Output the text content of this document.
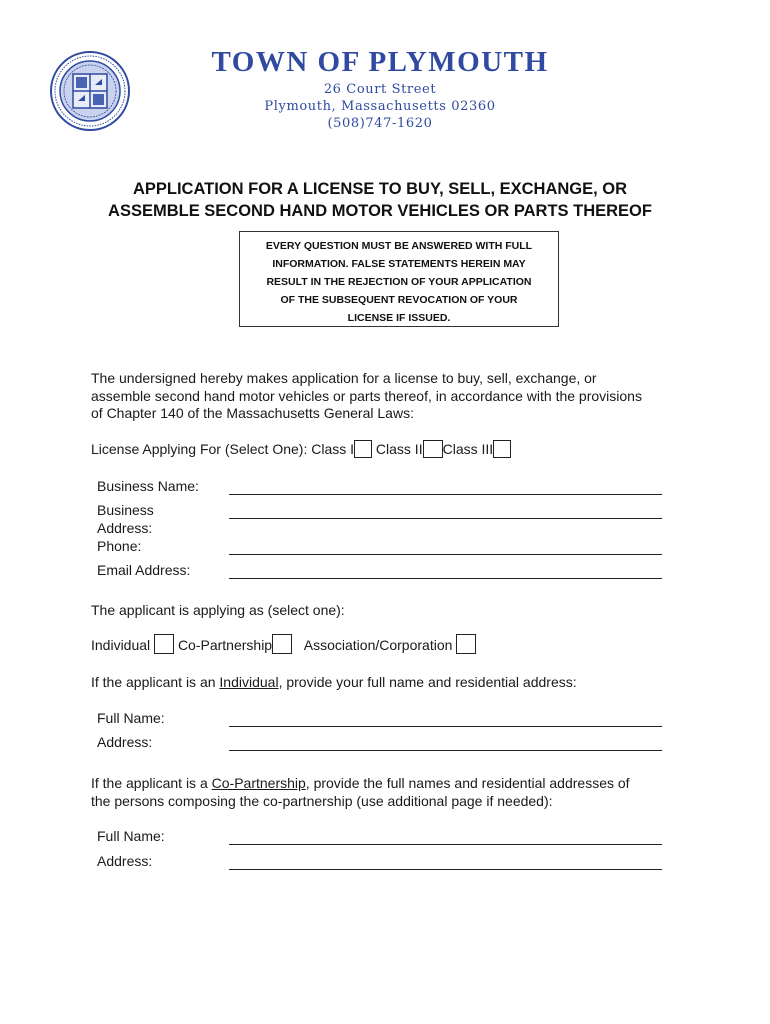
TOWN OF PLYMOUTH
26 Court Street
Plymouth, Massachusetts 02360
(508)747-1620
APPLICATION FOR A LICENSE TO BUY, SELL, EXCHANGE, OR
ASSEMBLE SECOND HAND MOTOR VEHICLES OR PARTS THEREOF
EVERY QUESTION MUST BE ANSWERED WITH FULL
INFORMATION. FALSE STATEMENTS HEREIN MAY
RESULT IN THE REJECTION OF YOUR APPLICATION
OF THE SUBSEQUENT REVOCATION OF YOUR
LICENSE IF ISSUED.
The undersigned hereby makes application for a license to buy, sell, exchange, or
assemble second hand motor vehicles or parts thereof, in accordance with the provisions
of Chapter 140 of the Massachusetts General Laws:
License Applying For (Select One): Class I Class II Class III
Business Name:
Business
Address:
Phone:
Email Address:
The applicant is applying as (select one):
Individual Co-Partnership Association/Corporation
If the applicant is an Individual, provide your full name and residential address:
Full Name:
Address:
If the applicant is a Co-Partnership, provide the full names and residential addresses of
the persons composing the co-partnership (use additional page if needed):
Full Name:
Address:
